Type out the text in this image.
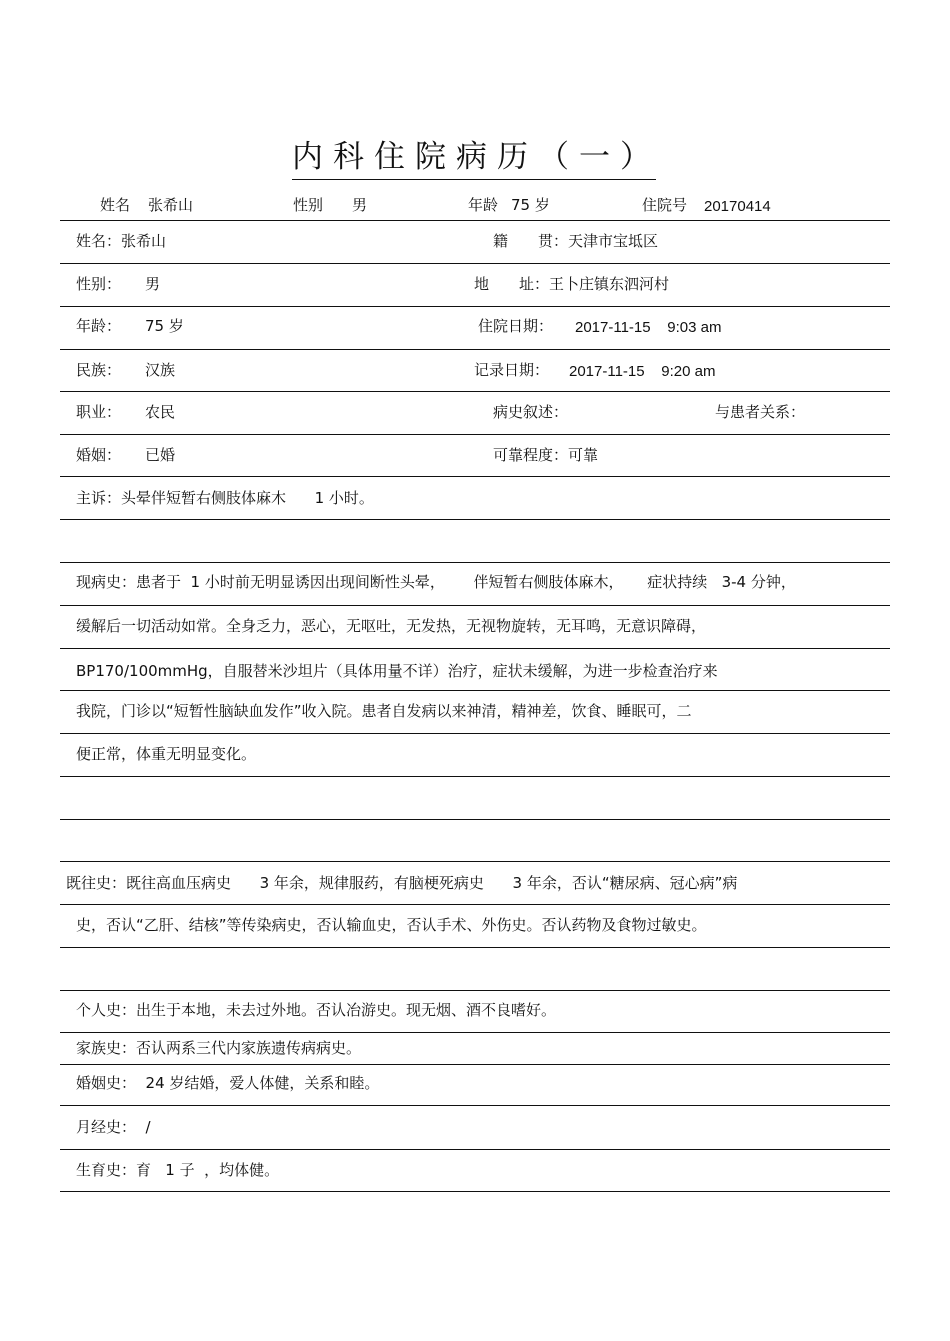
内科住院病历（一）
姓名 张希山	性别 男	年龄 75 岁	住院号 20170414
姓名：张希山	籍　　贯：天津市宝坻区
性别： 男	地　　址：王卜庄镇东泗河村
年龄： 75 岁	住院日期： 2017-11-15    9:03 am
民族： 汉族	记录日期： 2017-11-15    9:20 am
职业： 农民	病史叙述：	与患者关系：
婚姻： 已婚	可靠程度：可靠
主诉：头晕伴短暂右侧肢体麻木      1 小时。
现病史：患者于  1 小时前无明显诱因出现间断性头晕，      伴短暂右侧肢体麻木，     症状持续   3-4 分钟，
缓解后一切活动如常。全身乏力，恶心，无呕吐，无发热，无视物旋转，无耳鸣，无意识障碍，
BP170/100mmHg，自服替米沙坦片（具体用量不详）治疗，症状未缓解，为进一步检查治疗来
我院，门诊以“短暂性脑缺血发作”收入院。患者自发病以来神清，精神差，饮食、睡眠可，二
便正常，体重无明显变化。
既往史：既往高血压病史      3 年余，规律服药，有脑梗死病史      3 年余，否认“糖尿病、冠心病”病
史，否认“乙肝、结核”等传染病史，否认输血史，否认手术、外伤史。否认药物及食物过敏史。
个人史：出生于本地，未去过外地。否认冶游史。现无烟、酒不良嗜好。
家族史：否认两系三代内家族遗传病病史。
婚姻史：  24 岁结婚，爱人体健，关系和睦。
月经史：  /
生育史：育   1 子  ，均体健。
